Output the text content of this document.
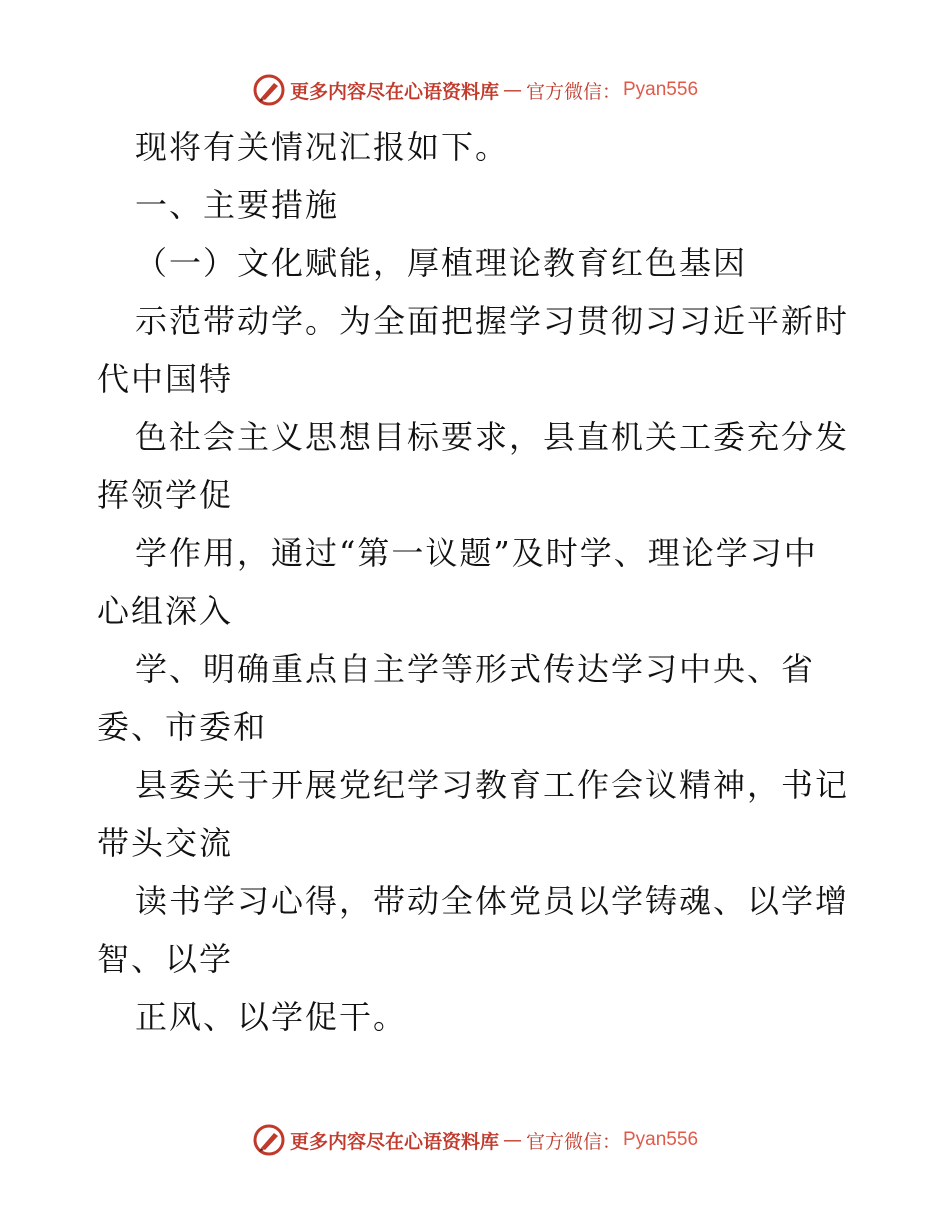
更多内容尽在心语资料库 — 官方微信： Pyan556
现将有关情况汇报如下。
一、主要措施
（一）文化赋能，厚植理论教育红色基因
示范带动学。为全面把握学习贯彻习习近平新时
代中国特
色社会主义思想目标要求，县直机关工委充分发
挥领学促
学作用，通过“第一议题”及时学、理论学习中
心组深入
学、明确重点自主学等形式传达学习中央、省
委、市委和
县委关于开展党纪学习教育工作会议精神，书记
带头交流
读书学习心得，带动全体党员以学铸魂、以学增
智、以学
正风、以学促干。
更多内容尽在心语资料库 — 官方微信： Pyan556
